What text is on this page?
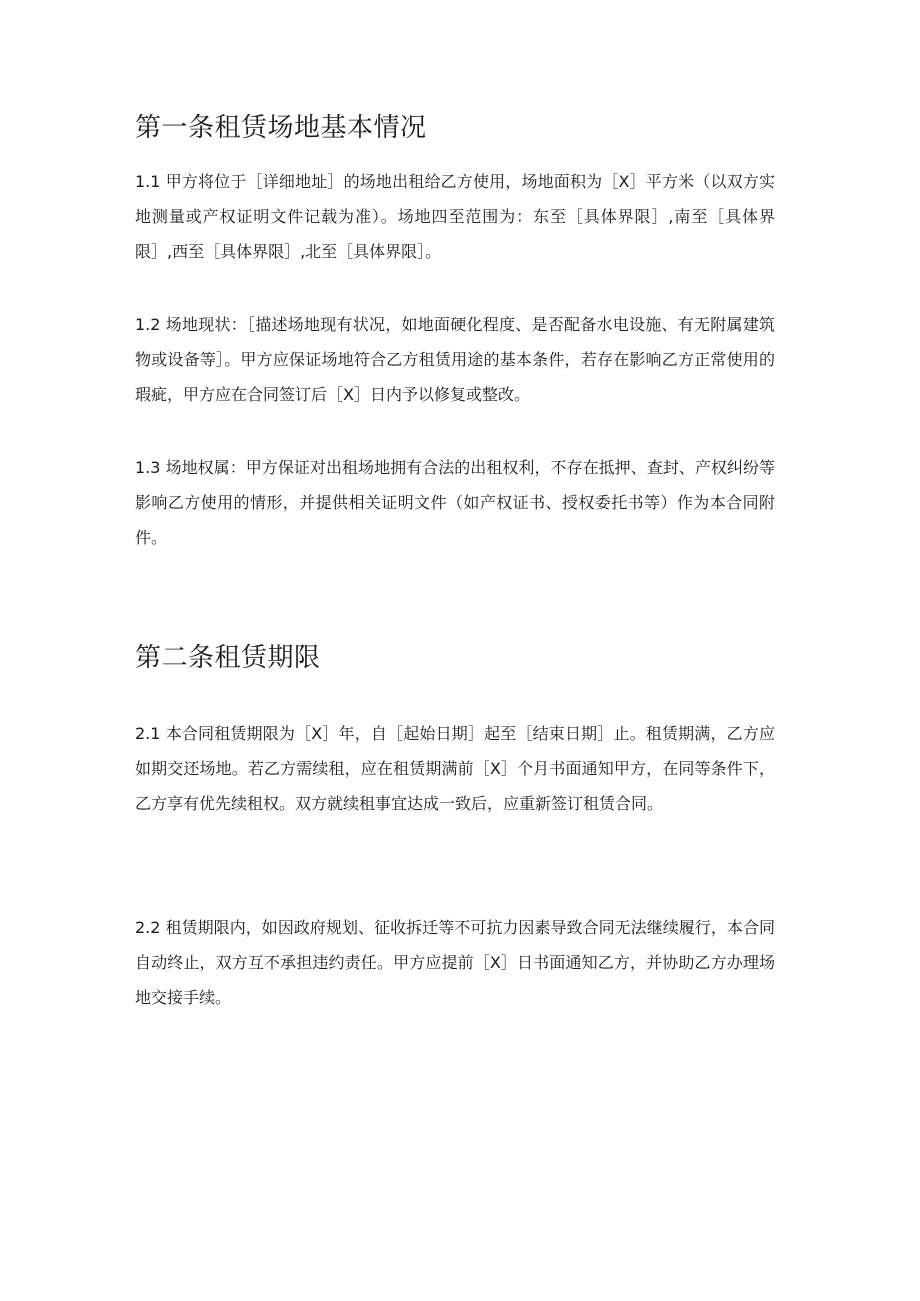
第一条租赁场地基本情况

1.1 甲方将位于［详细地址］的场地出租给乙方使用，场地面积为［X］平方米（以双方实地测量或产权证明文件记载为准）。场地四至范围为：东至［具体界限］,南至［具体界限］,西至［具体界限］,北至［具体界限］。

1.2 场地现状：［描述场地现有状况，如地面硬化程度、是否配备水电设施、有无附属建筑物或设备等］。甲方应保证场地符合乙方租赁用途的基本条件，若存在影响乙方正常使用的瑕疵，甲方应在合同签订后［X］日内予以修复或整改。

1.3 场地权属：甲方保证对出租场地拥有合法的出租权利，不存在抵押、查封、产权纠纷等影响乙方使用的情形，并提供相关证明文件（如产权证书、授权委托书等）作为本合同附件。

第二条租赁期限

2.1 本合同租赁期限为［X］年，自［起始日期］起至［结束日期］止。租赁期满，乙方应如期交还场地。若乙方需续租，应在租赁期满前［X］个月书面通知甲方，在同等条件下，乙方享有优先续租权。双方就续租事宜达成一致后，应重新签订租赁合同。

2.2 租赁期限内，如因政府规划、征收拆迁等不可抗力因素导致合同无法继续履行，本合同自动终止，双方互不承担违约责任。甲方应提前［X］日书面通知乙方，并协助乙方办理场地交接手续。
